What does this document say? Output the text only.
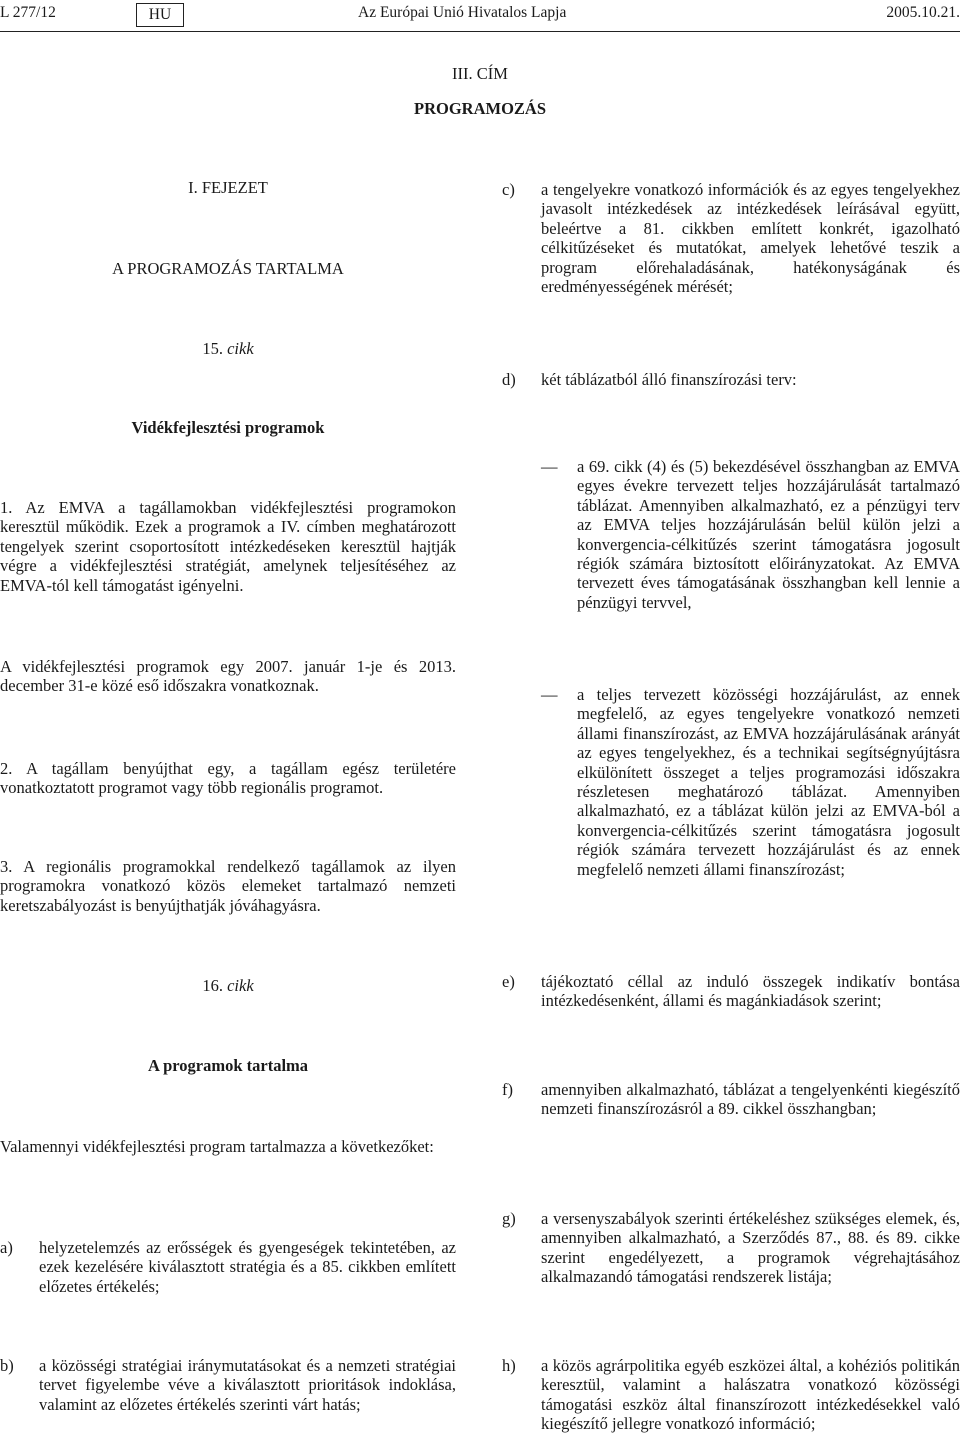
L 277/12	HU	Az Európai Unió Hivatalos Lapja	2005.10.21.
III. CÍM
PROGRAMOZÁS
I. FEJEZET
A PROGRAMOZÁS TARTALMA
15. cikk
Vidékfejlesztési programok

1. Az EMVA a tagállamokban vidékfejlesztési programokon keresztül működik. Ezek a programok a IV. címben meghatározott tengelyek szerint csoportosított intézkedéseken keresztül hajtják végre a vidékfejlesztési stratégiát, amelynek teljesítéséhez az EMVA-tól kell támogatást igényelni.

A vidékfejlesztési programok egy 2007. január 1-je és 2013. december 31-e közé eső időszakra vonatkoznak.

2. A tagállam benyújthat egy, a tagállam egész területére vonatkoztatott programot vagy több regionális programot.

3. A regionális programokkal rendelkező tagállamok az ilyen programokra vonatkozó közös elemeket tartalmazó nemzeti keretszabályozást is benyújthatják jóváhagyásra.

16. cikk
A programok tartalma

Valamennyi vidékfejlesztési program tartalmazza a következőket:

a) helyzetelemzés az erősségek és gyengeségek tekintetében, az ezek kezelésére kiválasztott stratégia és a 85. cikkben említett előzetes értékelés;
b) a közösségi stratégiai iránymutatásokat és a nemzeti stratégiai tervet figyelembe véve a kiválasztott prioritások indoklása, valamint az előzetes értékelés szerinti várt hatás;
c) a tengelyekre vonatkozó információk és az egyes tengelyekhez javasolt intézkedések az intézkedések leírásával együtt, beleértve a 81. cikkben említett konkrét, igazolható célkitűzéseket és mutatókat, amelyek lehetővé teszik a program előrehaladásának, hatékonyságának és eredményességének mérését;
d) két táblázatból álló finanszírozási terv:
— a 69. cikk (4) és (5) bekezdésével összhangban az EMVA egyes évekre tervezett teljes hozzájárulását tartalmazó táblázat. Amennyiben alkalmazható, ez a pénzügyi terv az EMVA teljes hozzájárulásán belül külön jelzi a konvergencia-célkitűzés szerint támogatásra jogosult régiók számára biztosított előirányzatokat. Az EMVA tervezett éves támogatásának összhangban kell lennie a pénzügyi tervvel,
— a teljes tervezett közösségi hozzájárulást, az ennek megfelelő, az egyes tengelyekre vonatkozó nemzeti állami finanszírozást, az EMVA hozzájárulásának arányát az egyes tengelyekhez, és a technikai segítségnyújtásra elkülönített összeget a teljes programozási időszakra részletesen meghatározó táblázat. Amennyiben alkalmazható, ez a táblázat külön jelzi az EMVA-ból a konvergencia-célkitűzés szerint támogatásra jogosult régiók számára tervezett hozzájárulást és az ennek megfelelő nemzeti állami finanszírozást;
e) tájékoztató céllal az induló összegek indikatív bontása intézkedésenként, állami és magánkiadások szerint;
f) amennyiben alkalmazható, táblázat a tengelyenkénti kiegészítő nemzeti finanszírozásról a 89. cikkel összhangban;
g) a versenyszabályok szerinti értékeléshez szükséges elemek, és, amennyiben alkalmazható, a Szerződés 87., 88. és 89. cikke szerint engedélyezett, a programok végrehajtásához alkalmazandó támogatási rendszerek listája;
h) a közös agrárpolitika egyéb eszközei által, a kohéziós politikán keresztül, valamint a halászatra vonatkozó közösségi támogatási eszköz által finanszírozott intézkedésekkel való kiegészítő jellegre vonatkozó információ;
